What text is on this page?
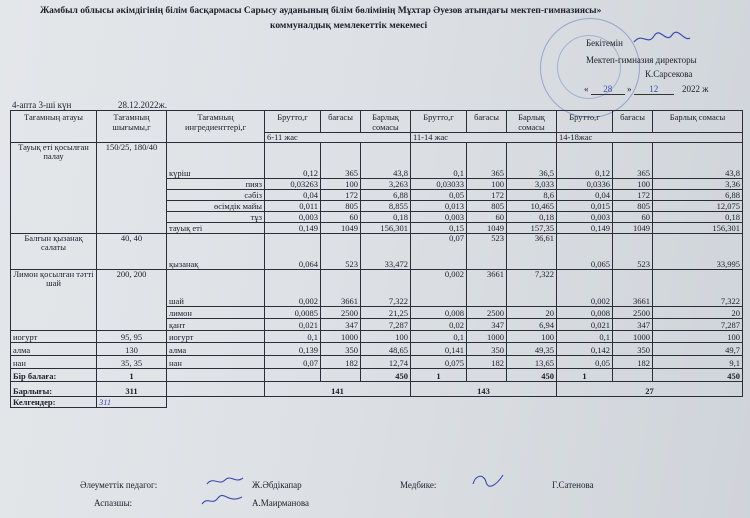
Жамбыл облысы әкімдігінің білім басқармасы Сарысу ауданының білім бөлімінің Мұхтар Әуезов атындағы мектеп-гимназиясы»
коммуналдық мемлекеттік мекемесі
Бекітемін
Мектеп-гимназия директоры
К.Сарсекова
« 28 » 12	2022 ж
4-апта 3-ші күн	28.12.2022ж.
Тағамның атауы	Тағамның шығымы,г	Тағамның ингредиенттері,г	Брутто,г	бағасы	Барлық сомасы	Брутто,г	бағасы	Барлық сомасы	Брутто,г	бағасы	Барлық сомасы
			6-11 жас			11-14 жас			14-18жас		
Тауық еті қосылған палау	150/25, 180/40	күріш	0,12	365	43,8	0,1	365	36,5	0,12	365	43,8
		пияз	0,03263	100	3,263	0,03033	100	3,033	0,0336	100	3,36
		сәбіз	0,04	172	6,88	0,05	172	8,6	0,04	172	6,88
		өсімдік майы	0,011	805	8,855	0,013	805	10,465	0,015	805	12,075
		тұз	0,003	60	0,18	0,003	60	0,18	0,003	60	0,18
		тауық еті	0,149	1049	156,301	0,15	1049	157,35	0,149	1049	156,301
Балғын қызанақ салаты	40, 40	қызанақ	0,064	523	33,472	0,07	523	36,61	0,065	523	33,995
Лимон қосылған тәтті шай	200, 200	шай	0,002	3661	7,322	0,002	3661	7,322	0,002	3661	7,322
		лимон	0,0085	2500	21,25	0,008	2500	20	0,008	2500	20
		қант	0,021	347	7,287	0,02	347	6,94	0,021	347	7,287
иогурт	95, 95	иогурт	0,1	1000	100	0,1	1000	100	0,1	1000	100
алма	130	алма	0,139	350	48,65	0,141	350	49,35	0,142	350	49,7
нан	35, 35	нан	0,07	182	12,74	0,075	182	13,65	0,05	182	9,1
Бір балаға:	1				450	1		450	1		450
Барлығы:	311		141			143			27		
Келгендер:	311										
Әлеуметтік педагог:	Ж.Әбдікапар	Медбике:	Г.Сатенова
Аспазшы:	А.Маирманова
